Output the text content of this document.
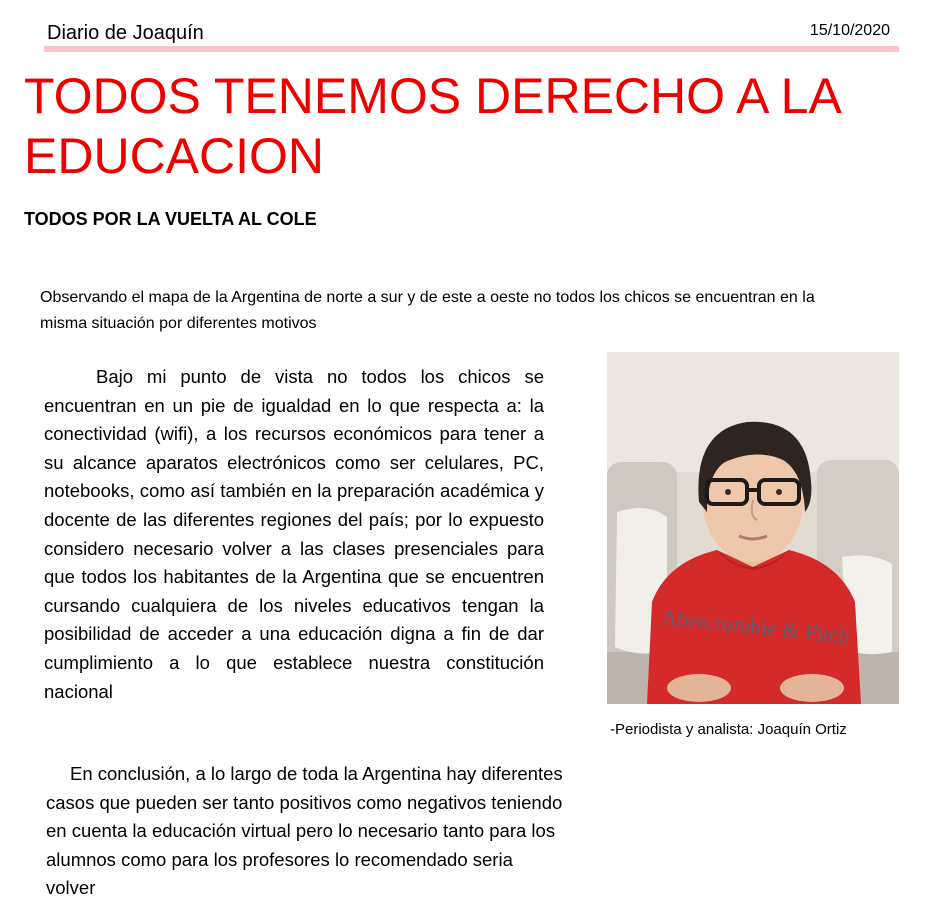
Diario de Joaquín	15/10/2020
TODOS TENEMOS DERECHO A LA EDUCACION
TODOS POR LA VUELTA AL COLE

Observando el mapa de la Argentina de norte a sur y de este a oeste no todos los chicos se encuentran en la misma situación por diferentes motivos

Bajo mi punto de vista no todos los chicos se encuentran en un pie de igualdad en lo que respecta a: la conectividad (wifi), a los recursos económicos para tener a su alcance aparatos electrónicos como ser celulares, PC, notebooks, como así también en la preparación académica y docente de las diferentes regiones del país; por lo expuesto considero necesario volver a las clases presenciales para que todos los habitantes de la Argentina que se encuentren cursando cualquiera de los niveles educativos tengan la posibilidad de acceder a una educación digna a fin de dar cumplimiento a lo que establece nuestra constitución nacional

Abercrombie & Fitch
-Periodista y analista: Joaquín Ortiz

En conclusión, a lo largo de toda la Argentina hay diferentes casos que pueden ser tanto positivos como negativos teniendo en cuenta la educación virtual pero lo necesario tanto para los alumnos como para los profesores lo recomendado seria volver
